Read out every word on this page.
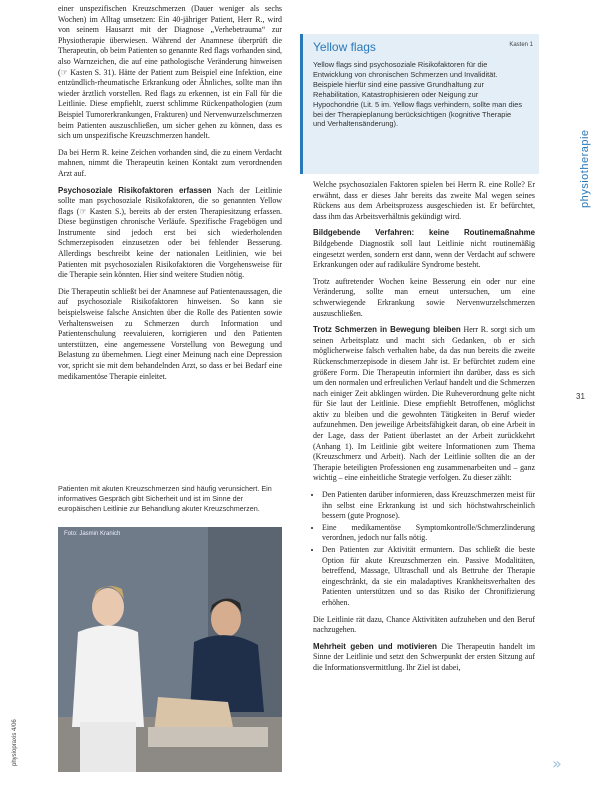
einer unspezifischen Kreuzschmerzen (Dauer weniger als sechs Wochen) im Alltag umsetzen: Ein 40-jähriger Patient, Herr R., wird von seinem Hausarzt mit der Diagnose „Verhebetrauma“ zur Physiotherapie überwiesen. Während der Anamnese überprüft die Therapeutin, ob beim Patienten so genannte Red flags vorhanden sind, also Warnzeichen, die auf eine pathologische Veränderung hinweisen (☞ Kasten S. 31). Hätte der Patient zum Beispiel eine Infektion, eine entzündlich-rheumatische Erkrankung oder Ähnliches, sollte man ihn wieder ärztlich vorstellen. Red flags zu erkennen, ist ein Fall für die Leitlinie. Diese empfiehlt, zuerst schlimme Rückenpathologien (zum Beispiel Tumorerkrankungen, Frakturen) und Nervenwurzelschmerzen beim Patienten auszuschließen, um sicher gehen zu können, dass es sich um unspezifische Kreuzschmerzen handelt.

Da bei Herrn R. keine Zeichen vorhanden sind, die zu einem Verdacht mahnen, nimmt die Therapeutin keinen Kontakt zum verordnenden Arzt auf.

Psychosoziale Risikofaktoren erfassen Nach der Leitlinie sollte man psychosoziale Risikofaktoren, die so genannten Yellow flags (☞ Kasten S.), bereits ab der ersten Therapiesitzung erfassen. Diese begünstigen chronische Verläufe. Spezifische Fragebögen und Instrumente sind jedoch erst bei sich wiederholenden Schmerzepisoden einzusetzen oder bei fehlender Besserung. Allerdings beschreibt keine der nationalen Leitlinien, wie bei Patienten mit psychosozialen Risikofaktoren die Vorgehensweise für die Therapie sein könnten. Hier sind weitere Studien nötig.

Die Therapeutin schließt bei der Anamnese auf Patientenaussagen, die auf psychosoziale Risikofaktoren hinweisen. So kann sie beispielsweise falsche Ansichten über die Rolle des Patienten sowie Verhaltensweisen zu Schmerzen durch Information und Patientenschulung reevaluieren, korrigieren und den Patienten unterstützen, eine angemessene Vorstellung von Bewegung und Belastung zu übernehmen. Liegt einer Meinung nach eine Depression vor, spricht sie mit dem behandelnden Arzt, so dass er bei Bedarf eine medikamentöse Therapie einleitet.

Patienten mit akuten Kreuzschmerzen sind häufig verunsichert. Ein informatives Gespräch gibt Sicherheit und ist im Sinne der europäischen Leitlinie zur Behandlung akuter Kreuzschmerzen.
Foto: Jasmin Kranich
Yellow flags	Kasten 1
Yellow flags sind psychosoziale Risikofaktoren für die Entwicklung von chronischen Schmerzen und Invalidität. Beispiele hierfür sind eine passive Grundhaltung zur Rehabilitation, Katastrophisieren oder Neigung zur Hypochondrie (Lit. 5 im. Yellow flags verhindern, sollte man dies bei der Therapieplanung berücksichtigen (kognitive Therapie und Verhaltensänderung).

Welche psychosozialen Faktoren spielen bei Herrn R. eine Rolle? Er erwähnt, dass er dieses Jahr bereits das zweite Mal wegen seines Rückens aus dem Arbeitsprozess ausgeschieden ist. Er befürchtet, dass ihm das Arbeitsverhältnis gekündigt wird.

Bildgebende Verfahren: keine Routinemaßnahme Bildgebende Diagnostik soll laut Leitlinie nicht routinemäßig eingesetzt werden, sondern erst dann, wenn der Verdacht auf schwere Erkrankungen oder auf radikuläre Syndrome besteht.

Trotz auftretender Wochen keine Besserung ein oder nur eine Veränderung, sollte man erneut untersuchen, um eine schwerwiegende Erkrankung sowie Nervenwurzelschmerzen auszuschließen.

Trotz Schmerzen in Bewegung bleiben Herr R. sorgt sich um seinen Arbeitsplatz und macht sich Gedanken, ob er sich möglicherweise falsch verhalten habe, da das nun bereits die zweite Rückenschmerzepisode in diesem Jahr ist. Er befürchtet zudem eine größere Form. Die Therapeutin informiert ihn darüber, dass es sich um den normalen und erfreulichen Verlauf handelt und die Schmerzen nach einiger Zeit abklingen würden. Die Ruheverordnung gelte nicht für Sie laut der Leitlinie. Diese empfiehlt Betroffenen, möglichst aktiv zu bleiben und die gewohnten Tätigkeiten in Beruf wieder aufzunehmen. Den jeweilige Arbeitsfähigkeit daran, ob eine Arbeit in der Lage, dass der Patient überlastet an der Arbeit zurückkehrt (Anhang 1). Im Leitlinie gibt weitere Informationen zum Thema (Kreuzschmerz und Arbeit). Nach der Leitlinie sollten die an der Therapie beteiligten Professionen eng zusammenarbeiten und – ganz wichtig – eine einheitliche Strategie verfolgen. Zu dieser zählt:

• Den Patienten darüber informieren, dass Kreuzschmerzen meist für ihn selbst eine Erkrankung ist und sich höchstwahrscheinlich bessern (gute Prognose).
• Eine medikamentöse Symptomkontrolle/Schmerzlinderung verordnen, jedoch nur falls nötig.
• Den Patienten zur Aktivität ermuntern. Das schließt die beste Option für akute Kreuzschmerzen ein. Passive Modalitäten, betreffend, Massage, Ultraschall und als Bettruhe der Therapie eingeschränkt, da sie ein maladaptives Krankheitsverhalten des Patienten unterstützen und so das Risiko der Chronifizierung erhöhen.

Die Leitlinie rät dazu, Chance Aktivitäten aufzuheben und den Beruf nachzugehen.

Mehrheit geben und motivieren Die Therapeutin handelt im Sinne der Leitlinie und setzt den Schwerpunkt der ersten Sitzung auf die Informationsvermittlung. Ihr Ziel ist dabei,

physiotherapie
31
physiopraxis 4/06	»
